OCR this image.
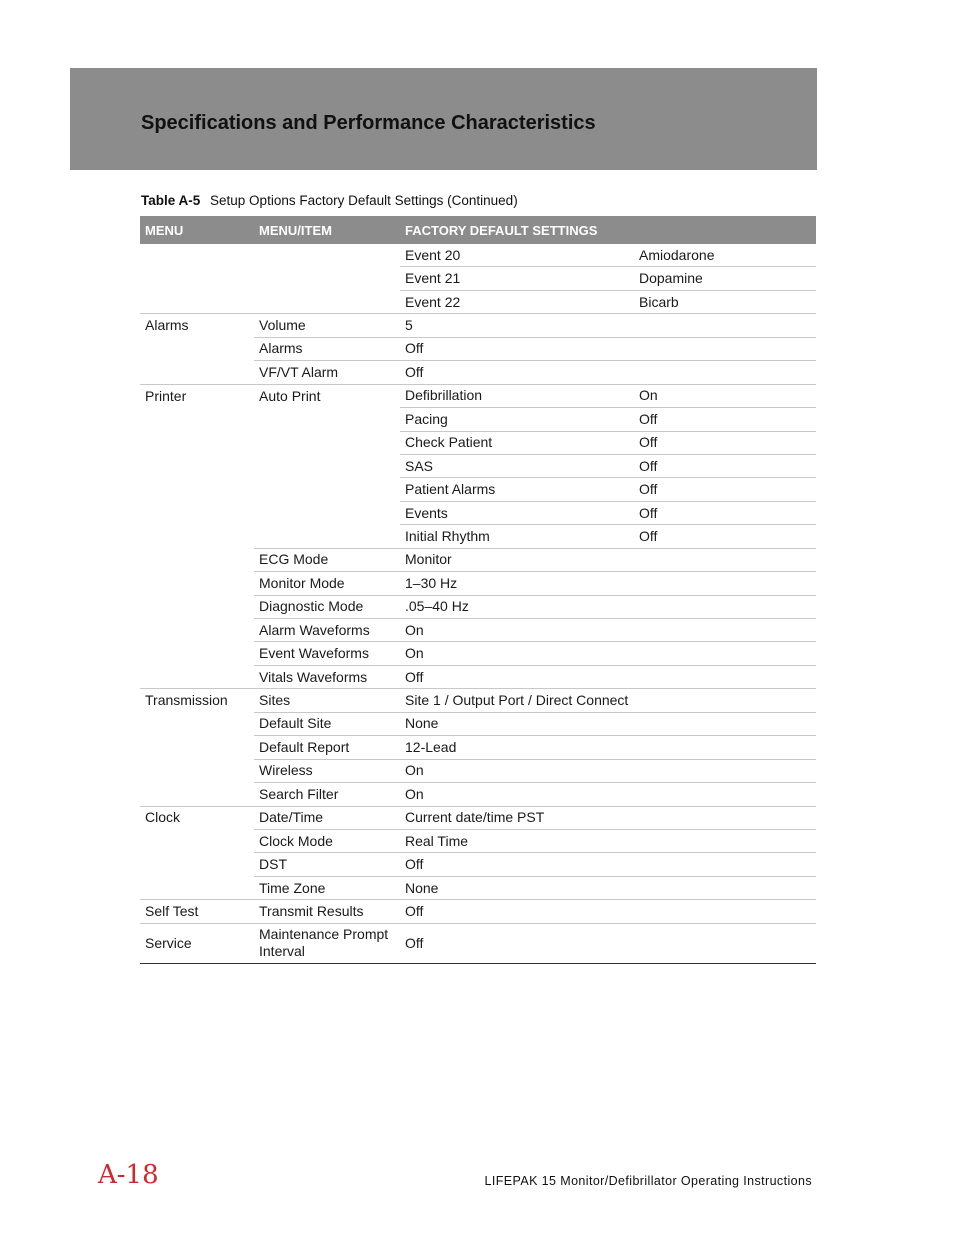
Specifications and Performance Characteristics
Table A-5 Setup Options Factory Default Settings (Continued)
MENU	MENU/ITEM	FACTORY DEFAULT SETTINGS	
		Event 20	Amiodarone
		Event 21	Dopamine
		Event 22	Bicarb
Alarms	Volume	5	
	Alarms	Off	
	VF/VT Alarm	Off	
Printer	Auto Print	Defibrillation	On
		Pacing	Off
		Check Patient	Off
		SAS	Off
		Patient Alarms	Off
		Events	Off
		Initial Rhythm	Off
	ECG Mode	Monitor	
	Monitor Mode	1–30 Hz	
	Diagnostic Mode	.05–40 Hz	
	Alarm Waveforms	On	
	Event Waveforms	On	
	Vitals Waveforms	Off	
Transmission	Sites	Site 1 / Output Port / Direct Connect	
	Default Site	None	
	Default Report	12-Lead	
	Wireless	On	
	Search Filter	On	
Clock	Date/Time	Current date/time PST	
	Clock Mode	Real Time	
	DST	Off	
	Time Zone	None	
Self Test	Transmit Results	Off	
Service	Maintenance Prompt Interval	Off	
A-18	LIFEPAK 15 Monitor/Defibrillator Operating Instructions
